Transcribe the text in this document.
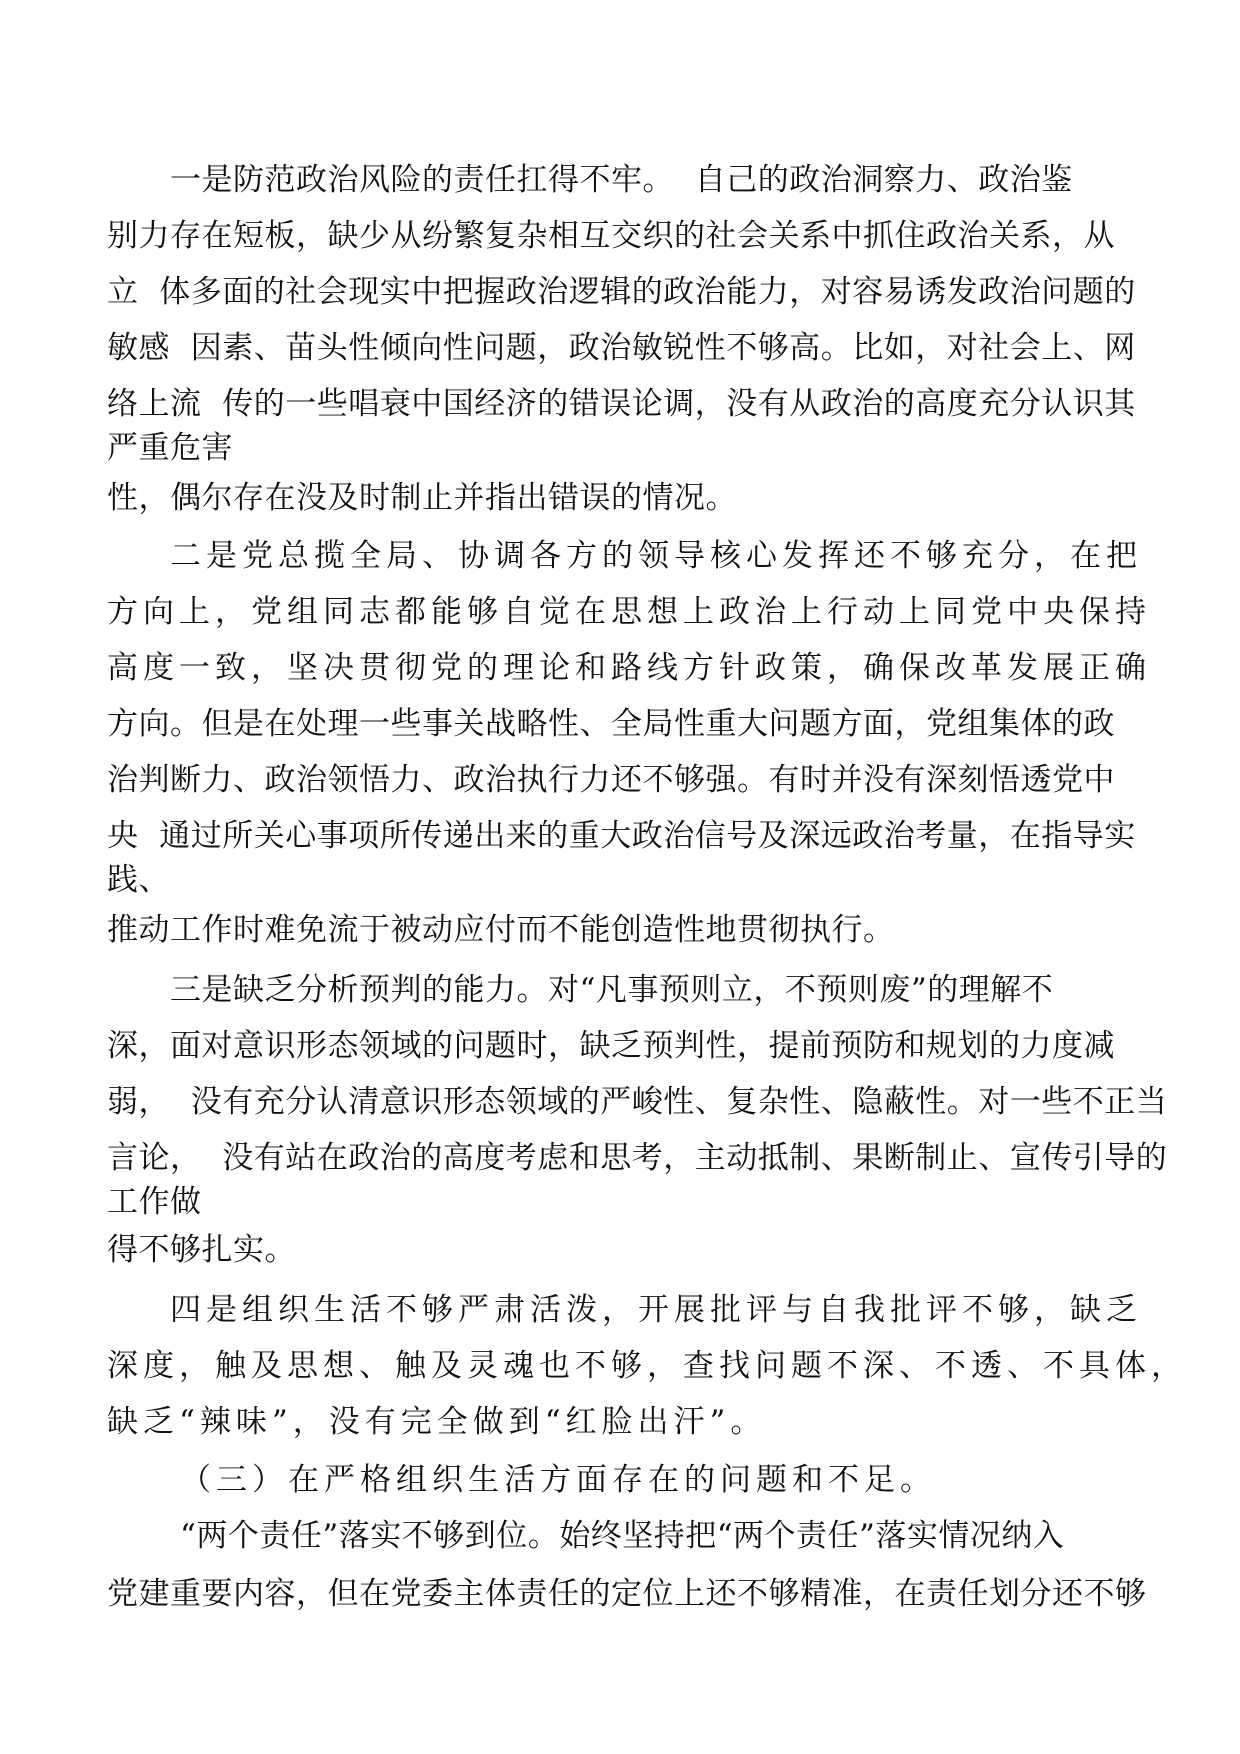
一是防范政治风险的责任扛得不牢。  自己的政治洞察力、政治鉴
别力存在短板，缺少从纷繁复杂相互交织的社会关系中抓住政治关系，从
立  体多面的社会现实中把握政治逻辑的政治能力，对容易诱发政治问题的
敏感  因素、苗头性倾向性问题，政治敏锐性不够高。比如，对社会上、网
络上流  传的一些唱衰中国经济的错误论调，没有从政治的高度充分认识其
严重危害
性，偶尔存在没及时制止并指出错误的情况。
二是党总揽全局、协调各方的领导核心发挥还不够充分，在把
方向上，党组同志都能够自觉在思想上政治上行动上同党中央保持
高度一致，坚决贯彻党的理论和路线方针政策，确保改革发展正确
方向。但是在处理一些事关战略性、全局性重大问题方面，党组集体的政
治判断力、政治领悟力、政治执行力还不够强。有时并没有深刻悟透党中
央  通过所关心事项所传递出来的重大政治信号及深远政治考量，在指导实
践、
推动工作时难免流于被动应付而不能创造性地贯彻执行。
三是缺乏分析预判的能力。对“凡事预则立，不预则废”的理解不
深，面对意识形态领域的问题时，缺乏预判性，提前预防和规划的力度减
弱，  没有充分认清意识形态领域的严峻性、复杂性、隐蔽性。对一些不正当
言论，  没有站在政治的高度考虑和思考，主动抵制、果断制止、宣传引导的
工作做
得不够扎实。
四是组织生活不够严肃活泼，开展批评与自我批评不够，缺乏
深度，触及思想、触及灵魂也不够，查找问题不深、不透、不具体，
缺乏“辣味”，没有完全做到“红脸出汗”。
（三）在严格组织生活方面存在的问题和不足。
“两个责任”落实不够到位。始终坚持把“两个责任”落实情况纳入
党建重要内容，但在党委主体责任的定位上还不够精准，在责任划分还不够
